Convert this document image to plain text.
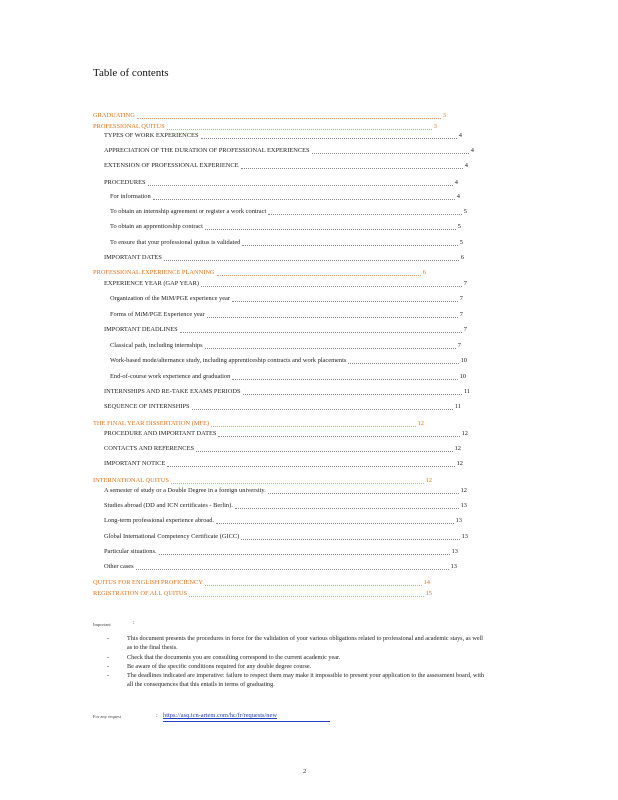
Table of contents
GRADUATING	3
PROFESSIONAL QUITUS	3
TYPES OF WORK EXPERIENCES	4
APPRECIATION OF THE DURATION OF PROFESSIONAL EXPERIENCES	4
EXTENSION OF PROFESSIONAL EXPERIENCE	4
PROCEDURES	4
For information	4
To obtain an internship agreement or register a work contract	5
To obtain an apprenticeship contract	5
To ensure that your professional quitus is validated	5
IMPORTANT DATES	6
PROFESSIONAL EXPERIENCE PLANNING	6
EXPERIENCE YEAR (GAP YEAR)	7
Organization of the MiM/PGE experience year	7
Forms of MiM/PGE Experience year	7
IMPORTANT DEADLINES	7
Classical path, including internships	7
Work-based mode/alternance study, including apprenticeship contracts and work placements	10
End-of-course work experience and graduation	10
INTERNSHIPS AND RE-TAKE EXAMS PERIODS	11
SEQUENCE OF INTERNSHIPS	11
THE FINAL YEAR DISSERTATION (MFE)	12
PROCEDURE AND IMPORTANT DATES	12
CONTACTS AND REFERENCES	12
IMPORTANT NOTICE	12
INTERNATIONAL QUITUS	12
A semester of study or a Double Degree in a foreign university.	12
Studies abroad (DD and ICN certificates - Berlin).	13
Long-term professional experience abroad.	13
Global International Competency Certificate (GICC)	13
Particular situations.	13
Other cases	13
QUITUS FOR ENGLISH PROFICIENCY	14
REGISTRATION OF ALL QUITUS	15
Important	:
-	This document presents the procedures in force for the validation of your various obligations related to professional and academic stays, as well as to the final thesis.
-	Check that the documents you are consulting correspond to the current academic year.
-	Be aware of the specific conditions required for any double degree course.
-	The deadlines indicated are imperative: failure to respect them may make it impossible to present your application to the assessment board, with all the consequences that this entails in terms of graduating.
For any request	: https://asq.icn-artem.com/hc/fr/requests/new
2
